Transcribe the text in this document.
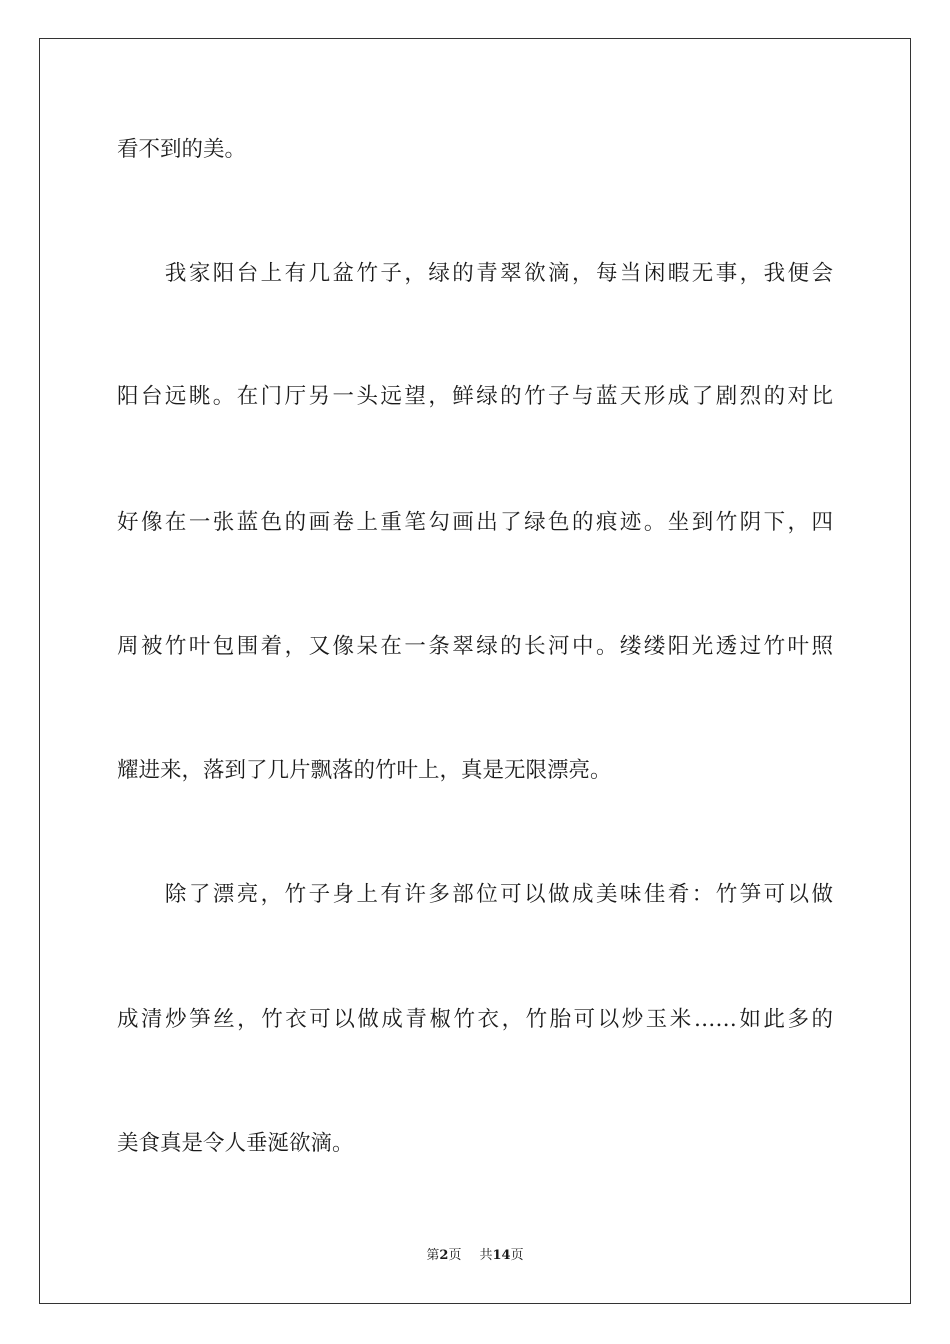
看不到的美。
　　我家阳台上有几盆竹子，绿的青翠欲滴，每当闲暇无事，我便会
阳台远眺。在门厅另一头远望，鲜绿的竹子与蓝天形成了剧烈的对比
好像在一张蓝色的画卷上重笔勾画出了绿色的痕迹。坐到竹阴下，四
周被竹叶包围着，又像呆在一条翠绿的长河中。缕缕阳光透过竹叶照
耀进来，落到了几片飘落的竹叶上，真是无限漂亮。
　　除了漂亮，竹子身上有许多部位可以做成美味佳肴：竹笋可以做
成清炒笋丝，竹衣可以做成青椒竹衣，竹胎可以炒玉米……如此多的
美食真是令人垂涎欲滴。
第2页 共14页
